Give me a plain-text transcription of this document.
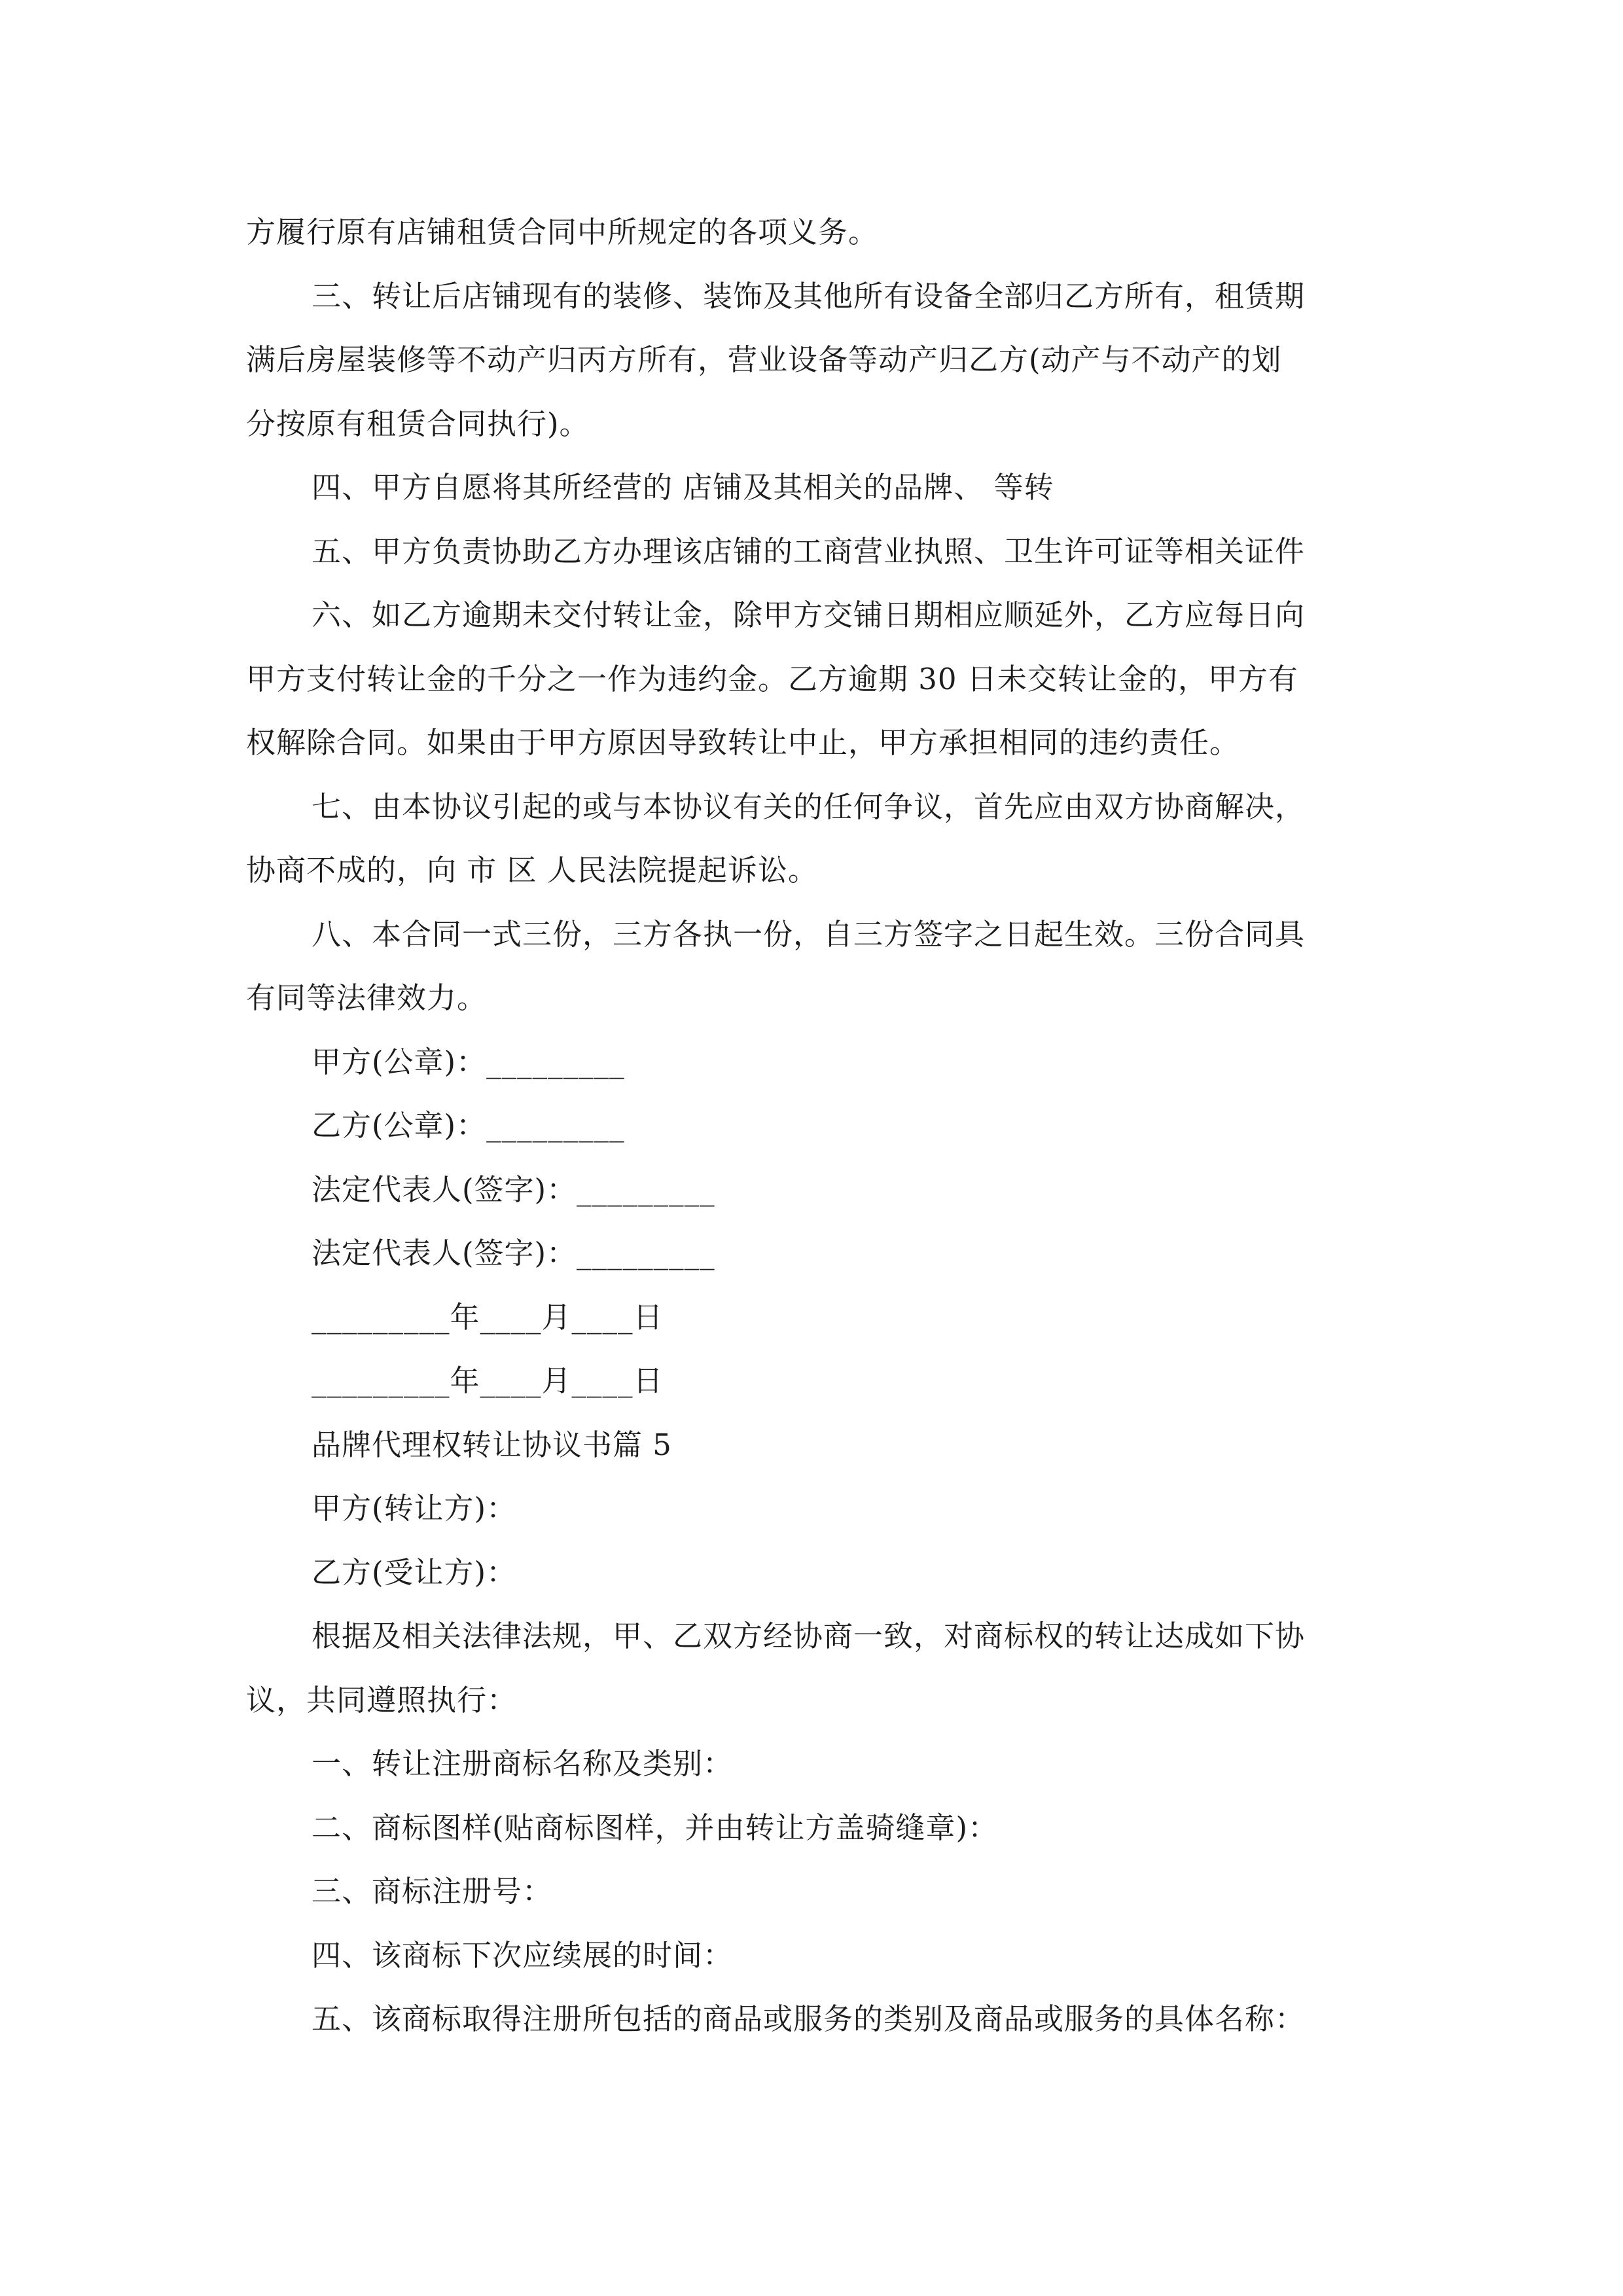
方履行原有店铺租赁合同中所规定的各项义务。
三、转让后店铺现有的装修、装饰及其他所有设备全部归乙方所有，租赁期
满后房屋装修等不动产归丙方所有，营业设备等动产归乙方(动产与不动产的划
分按原有租赁合同执行)。
四、甲方自愿将其所经营的 店铺及其相关的品牌、 等转
五、甲方负责协助乙方办理该店铺的工商营业执照、卫生许可证等相关证件
六、如乙方逾期未交付转让金，除甲方交铺日期相应顺延外，乙方应每日向
甲方支付转让金的千分之一作为违约金。乙方逾期 30 日未交转让金的，甲方有
权解除合同。如果由于甲方原因导致转让中止，甲方承担相同的违约责任。
七、由本协议引起的或与本协议有关的任何争议，首先应由双方协商解决，
协商不成的，向 市 区 人民法院提起诉讼。
八、本合同一式三份，三方各执一份，自三方签字之日起生效。三份合同具
有同等法律效力。
甲方(公章)：_________
乙方(公章)：_________
法定代表人(签字)：_________
法定代表人(签字)：_________
_________年____月____日
_________年____月____日
品牌代理权转让协议书篇 5
甲方(转让方)：
乙方(受让方)：
根据及相关法律法规，甲、乙双方经协商一致，对商标权的转让达成如下协
议，共同遵照执行：
一、转让注册商标名称及类别：
二、商标图样(贴商标图样，并由转让方盖骑缝章)：
三、商标注册号：
四、该商标下次应续展的时间：
五、该商标取得注册所包括的商品或服务的类别及商品或服务的具体名称：
